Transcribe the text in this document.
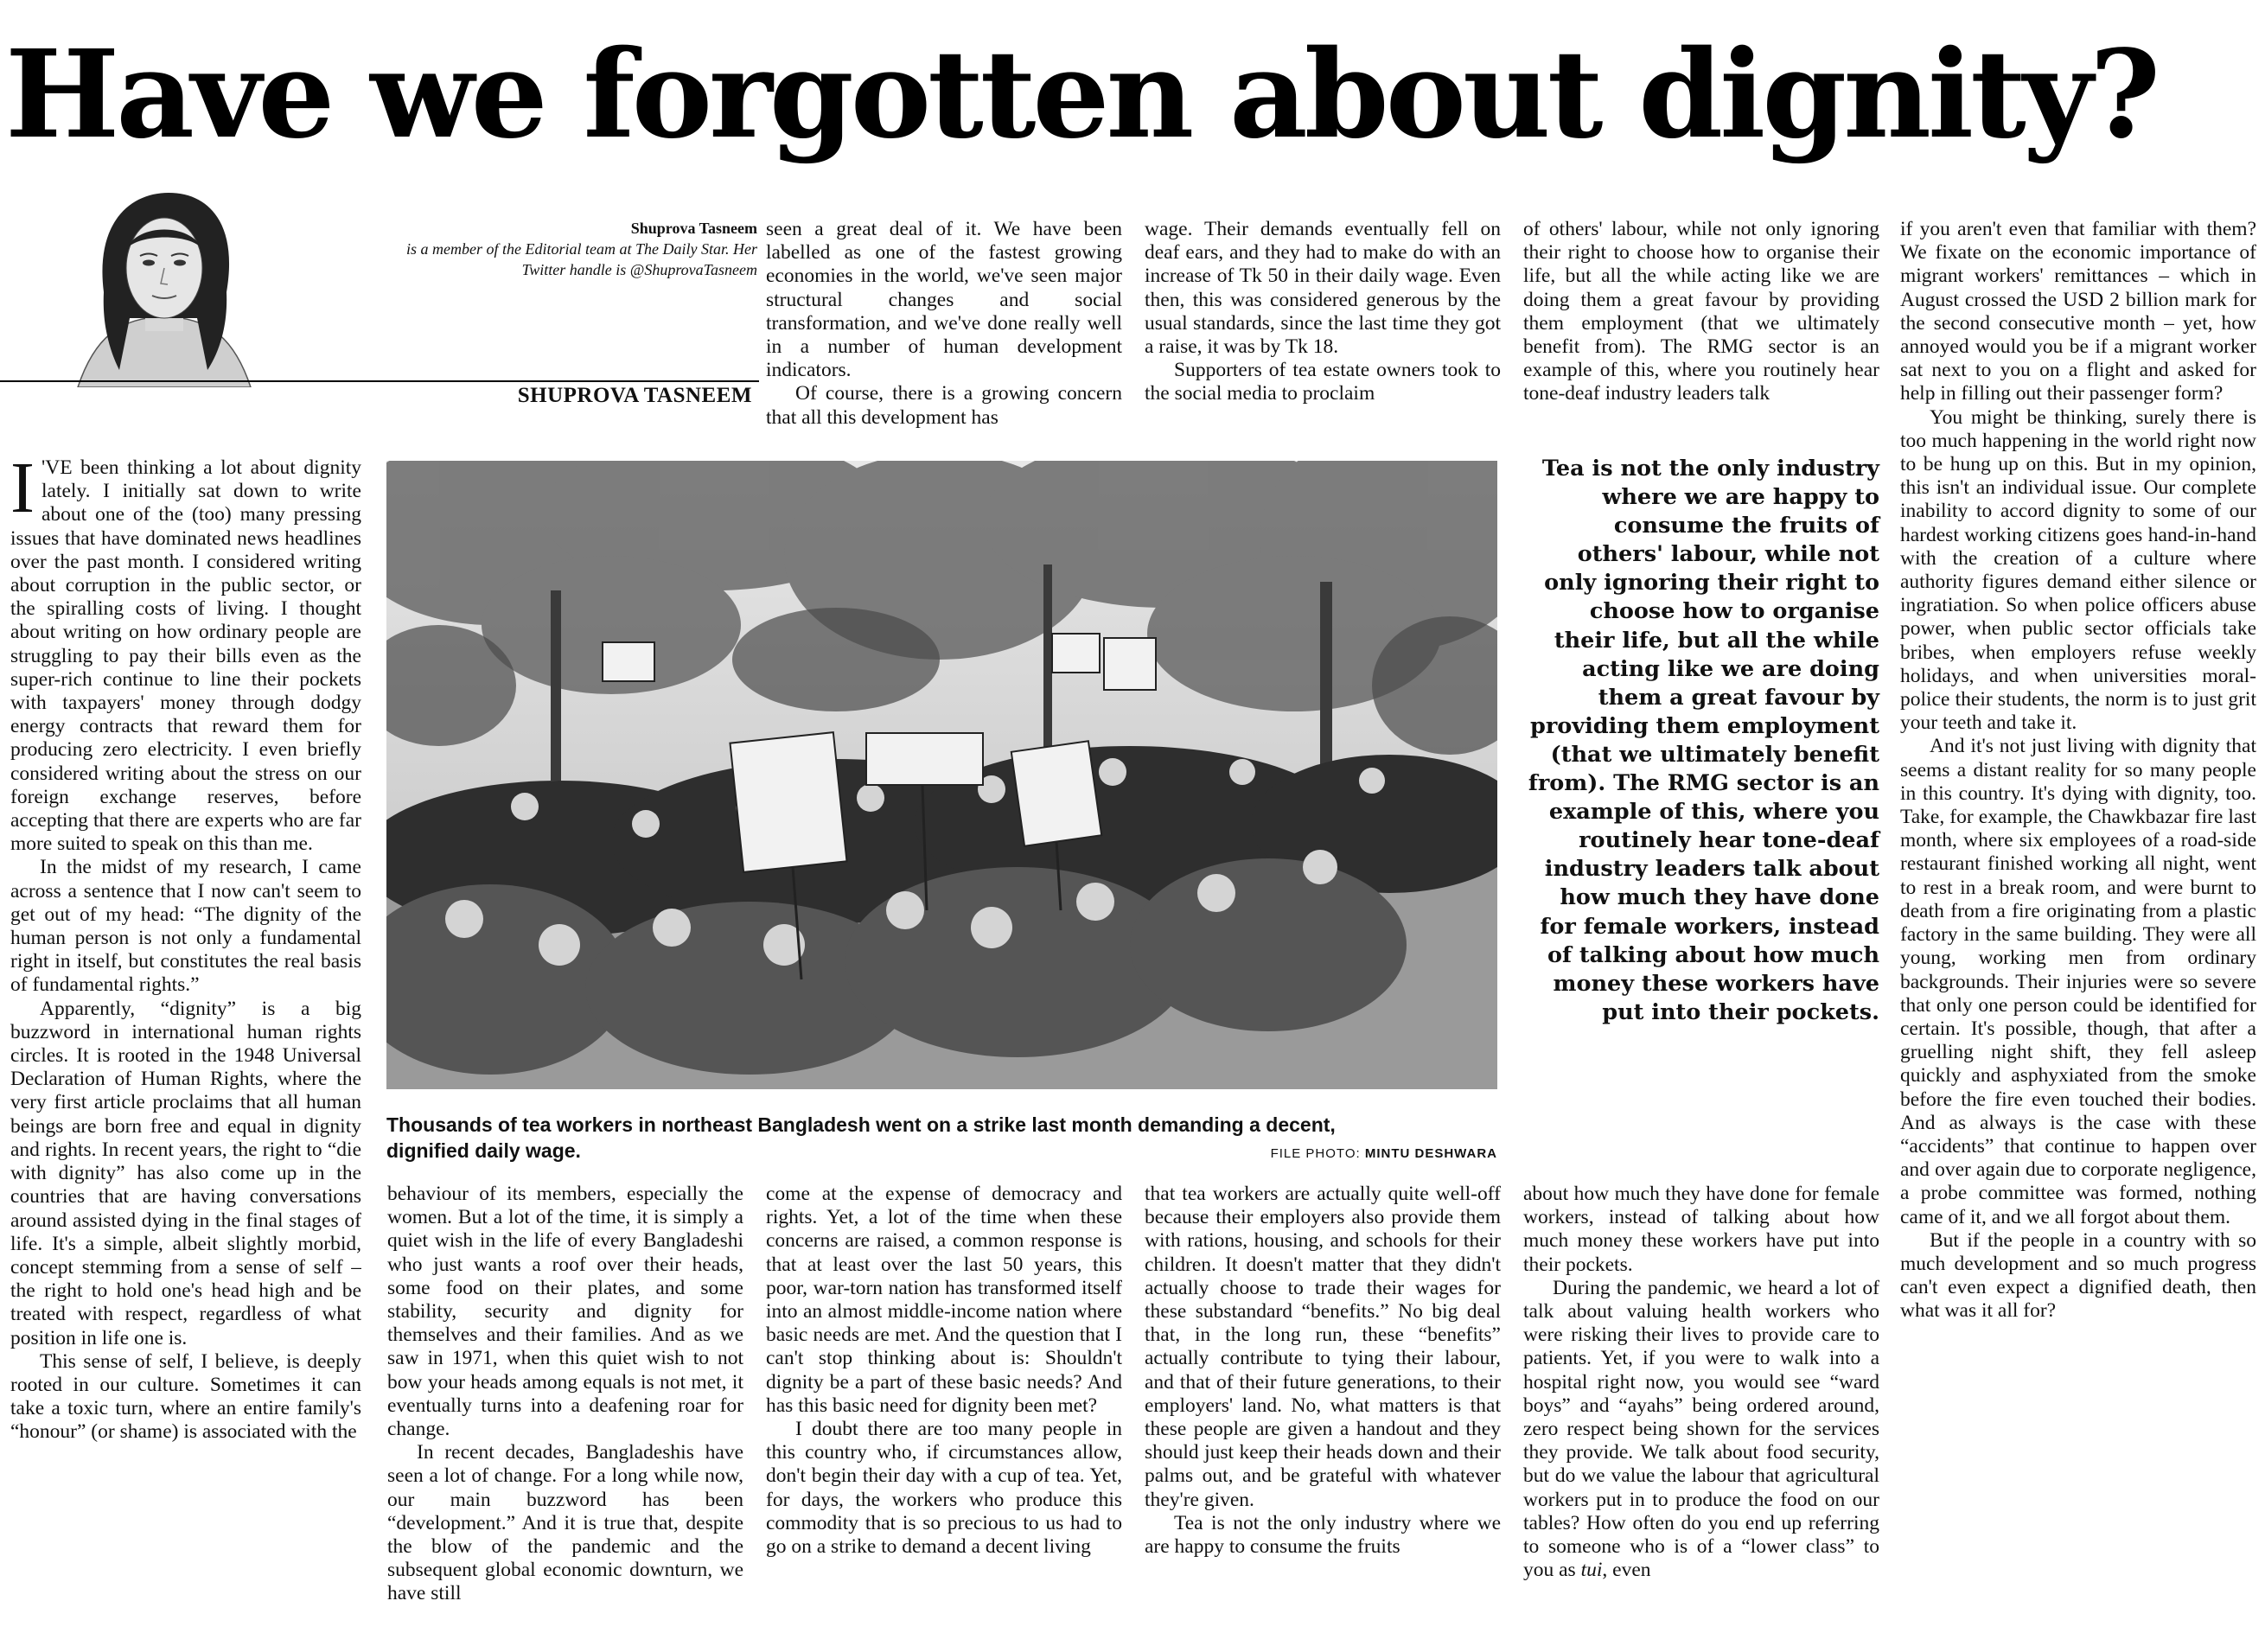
Have we forgotten about dignity?
Shuprova Tasneem
is a member of the Editorial team at The Daily Star. Her Twitter handle is @ShuprovaTasneem
SHUPROVA TASNEEM

I 'VE been thinking a lot about dignity lately. I initially sat down to write about one of the (too) many pressing issues that have dominated news headlines over the past month. I considered writing about corruption in the public sector, or the spiralling costs of living. I thought about writing on how ordinary people are struggling to pay their bills even as the super-rich continue to line their pockets with taxpayers' money through dodgy energy contracts that reward them for producing zero electricity. I even briefly considered writing about the stress on our foreign exchange reserves, before accepting that there are experts who are far more suited to speak on this than me.

In the midst of my research, I came across a sentence that I now can't seem to get out of my head: “The dignity of the human person is not only a fundamental right in itself, but constitutes the real basis of fundamental rights.”

Apparently, “dignity” is a big buzzword in international human rights circles. It is rooted in the 1948 Universal Declaration of Human Rights, where the very first article proclaims that all human beings are born free and equal in dignity and rights. In recent years, the right to “die with dignity” has also come up in the countries that are having conversations around assisted dying in the final stages of life. It's a simple, albeit slightly morbid, concept stemming from a sense of self – the right to hold one's head high and be treated with respect, regardless of what position in life one is.

This sense of self, I believe, is deeply rooted in our culture. Sometimes it can take a toxic turn, where an entire family's “honour” (or shame) is associated with the

behaviour of its members, especially the women. But a lot of the time, it is simply a quiet wish in the life of every Bangladeshi who just wants a roof over their heads, some food on their plates, and some stability, security and dignity for themselves and their families. And as we saw in 1971, when this quiet wish to not bow your heads among equals is not met, it eventually turns into a deafening roar for change.

In recent decades, Bangladeshis have seen a lot of change. For a long while now, our main buzzword has been “development.” And it is true that, despite the blow of the pandemic and the subsequent global economic downturn, we have still

seen a great deal of it. We have been labelled as one of the fastest growing economies in the world, we've seen major structural changes and social transformation, and we've done really well in a number of human development indicators.

Of course, there is a growing concern that all this development has

come at the expense of democracy and rights. Yet, a lot of the time when these concerns are raised, a common response is that at least over the last 50 years, this poor, war-torn nation has transformed itself into an almost middle-income nation where basic needs are met. And the question that I can't stop thinking about is: Shouldn't dignity be a part of these basic needs? And has this basic need for dignity been met?

I doubt there are too many people in this country who, if circumstances allow, don't begin their day with a cup of tea. Yet, for days, the workers who produce this commodity that is so precious to us had to go on a strike to demand a decent living

wage. Their demands eventually fell on deaf ears, and they had to make do with an increase of Tk 50 in their daily wage. Even then, this was considered generous by the usual standards, since the last time they got a raise, it was by Tk 18.

Supporters of tea estate owners took to the social media to proclaim

that tea workers are actually quite well-off because their employers also provide them with rations, housing, and schools for their children. It doesn't matter that they didn't actually choose to trade their wages for these substandard “benefits.” No big deal that, in the long run, these “benefits” actually contribute to tying their labour, and that of their future generations, to their employers' land. No, what matters is that these people are given a handout and they should just keep their heads down and their palms out, and be grateful with whatever they're given.

Tea is not the only industry where we are happy to consume the fruits

of others' labour, while not only ignoring their right to choose how to organise their life, but all the while acting like we are doing them a great favour by providing them employment (that we ultimately benefit from). The RMG sector is an example of this, where you routinely hear tone-deaf industry leaders talk

about how much they have done for female workers, instead of talking about how much money these workers have put into their pockets.

During the pandemic, we heard a lot of talk about valuing health workers who were risking their lives to provide care to patients. Yet, if you were to walk into a hospital right now, you would see “ward boys” and “ayahs” being ordered around, zero respect being shown for the services they provide. We talk about food security, but do we value the labour that agricultural workers put in to produce the food on our tables? How often do you end up referring to someone who is of a “lower class” to you as tui, even

if you aren't even that familiar with them? We fixate on the economic importance of migrant workers' remittances – which in August crossed the USD 2 billion mark for the second consecutive month – yet, how annoyed would you be if a migrant worker sat next to you on a flight and asked for help in filling out their passenger form?

You might be thinking, surely there is too much happening in the world right now to be hung up on this. But in my opinion, this isn't an individual issue. Our complete inability to accord dignity to some of our hardest working citizens goes hand-in-hand with the creation of a culture where authority figures demand either silence or ingratiation. So when police officers abuse power, when public sector officials take bribes, when employers refuse weekly holidays, and when universities moral-police their students, the norm is to just grit your teeth and take it.

And it's not just living with dignity that seems a distant reality for so many people in this country. It's dying with dignity, too. Take, for example, the Chawkbazar fire last month, where six employees of a road-side restaurant finished working all night, went to rest in a break room, and were burnt to death from a fire originating from a plastic factory in the same building. They were all young, working men from ordinary backgrounds. Their injuries were so severe that only one person could be identified for certain. It's possible, though, that after a gruelling night shift, they fell asleep quickly and asphyxiated from the smoke before the fire even touched their bodies. And as always is the case with these “accidents” that continue to happen over and over again due to corporate negligence, a probe committee was formed, nothing came of it, and we all forgot about them.

But if the people in a country with so much development and so much progress can't even expect a dignified death, then what was it all for?

Thousands of tea workers in northeast Bangladesh went on a strike last month demanding a decent, dignified daily wage.	FILE PHOTO: MINTU DESHWARA
Tea is not the only industry where we are happy to consume the fruits of others' labour, while not only ignoring their right to choose how to organise their life, but all the while acting like we are doing them a great favour by providing them employment (that we ultimately benefit from). The RMG sector is an example of this, where you routinely hear tone-deaf industry leaders talk about how much they have done for female workers, instead of talking about how much money these workers have put into their pockets.
